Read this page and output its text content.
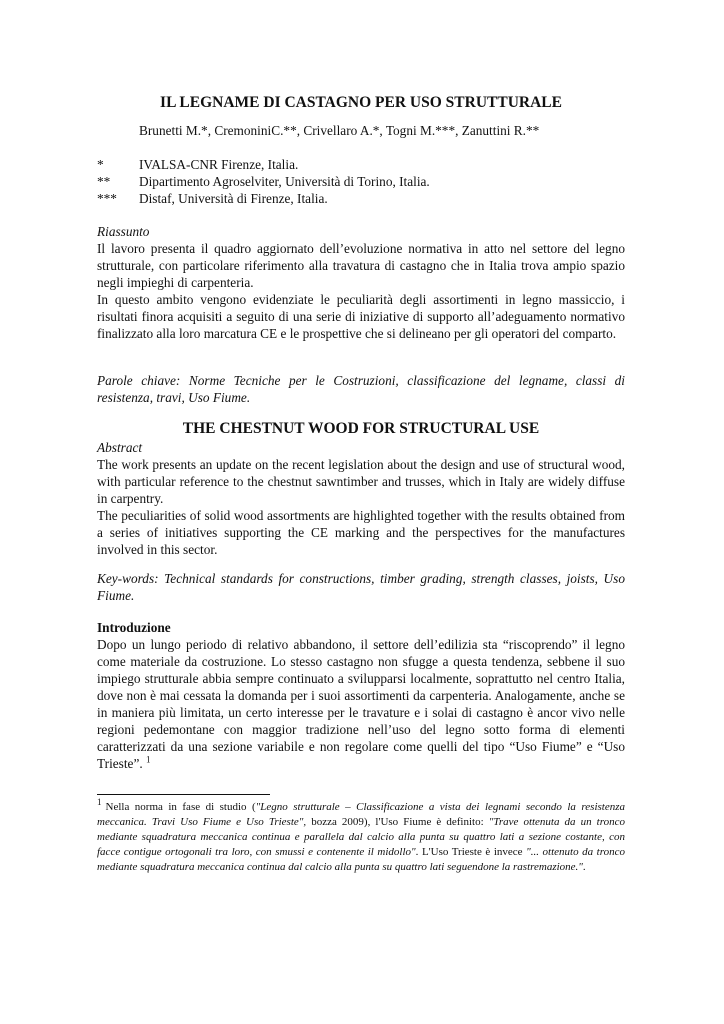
IL LEGNAME DI CASTAGNO PER USO STRUTTURALE
Brunetti M.*, CremoniniC.**, Crivellaro A.*, Togni M.***, Zanuttini R.**
*	IVALSA-CNR Firenze, Italia.
** Dipartimento Agroselviter, Università di Torino, Italia.
*** Distaf, Università di Firenze, Italia.
Riassunto

Il lavoro presenta il quadro aggiornato dell’evoluzione normativa in atto nel settore del legno strutturale, con particolare riferimento alla travatura di castagno che in Italia trova ampio spazio negli impieghi di carpenteria.

In questo ambito vengono evidenziate le peculiarità degli assortimenti in legno massiccio, i risultati finora acquisiti a seguito di una serie di iniziative di supporto all’adeguamento normativo finalizzato alla loro marcatura CE e le prospettive che si delineano per gli operatori del comparto.

Parole chiave: Norme Tecniche per le Costruzioni, classificazione del legname, classi di resistenza, travi, Uso Fiume.

THE CHESTNUT WOOD FOR STRUCTURAL USE
Abstract

The work presents an update on the recent legislation about the design and use of structural wood, with particular reference to the chestnut sawntimber and trusses, which in Italy are widely diffuse in carpentry.

The peculiarities of solid wood assortments are highlighted together with the results obtained from a series of initiatives supporting the CE marking and the perspectives for the manufactures involved in this sector.

Key-words: Technical standards for constructions, timber grading, strength classes, joists, Uso Fiume.

Introduzione

Dopo un lungo periodo di relativo abbandono, il settore dell’edilizia sta “riscoprendo” il legno come materiale da costruzione. Lo stesso castagno non sfugge a questa tendenza, sebbene il suo impiego strutturale abbia sempre continuato a svilupparsi localmente, soprattutto nel centro Italia, dove non è mai cessata la domanda per i suoi assortimenti da carpenteria. Analogamente, anche se in maniera più limitata, un certo interesse per le travature e i solai di castagno è ancor vivo nelle regioni pedemontane con maggior tradizione nell’uso del legno sotto forma di elementi caratterizzati da una sezione variabile e non regolare come quelli del tipo “Uso Fiume” e “Uso Trieste”. $^1$

$^1$ Nella norma in fase di studio ("Legno strutturale – Classificazione a vista dei legnami secondo la resistenza meccanica. Travi Uso Fiume e Uso Trieste", bozza 2009), l'Uso Fiume è definito: "Trave ottenuta da un tronco mediante squadratura meccanica continua e parallela dal calcio alla punta su quattro lati a sezione costante, con facce contigue ortogonali tra loro, con smussi e contenente il midollo". L'Uso Trieste è invece "... ottenuto da tronco mediante squadratura meccanica continua dal calcio alla punta su quattro lati seguendone la rastremazione.".
